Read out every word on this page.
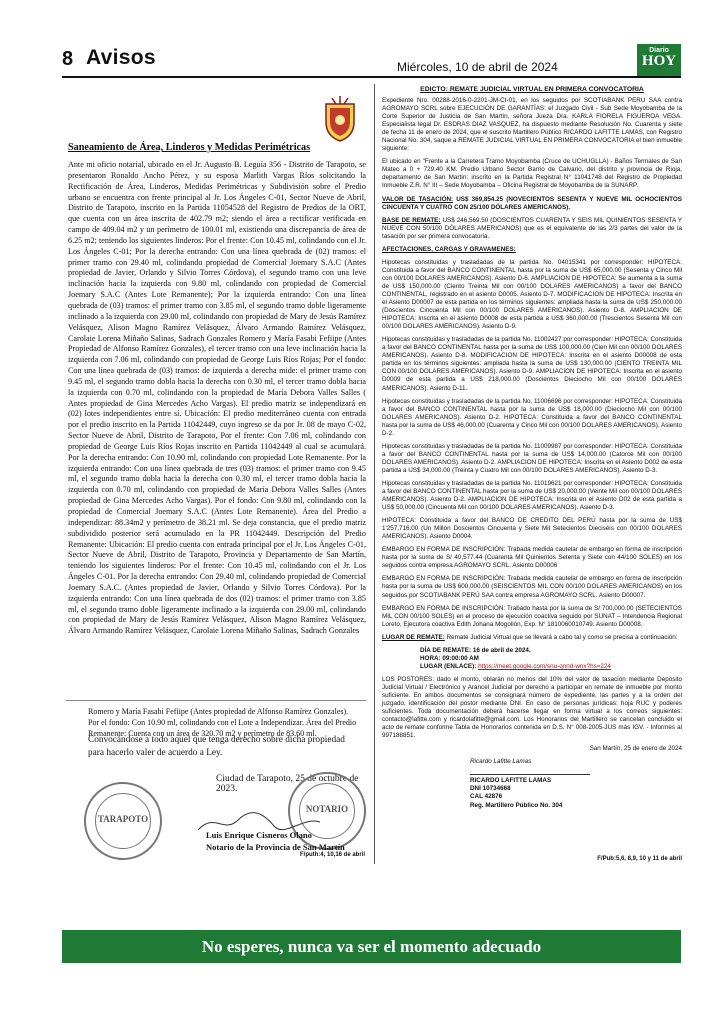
8 Avisos	Miércoles, 10 de abril de 2024
Diario
HOY
Saneamiento de Área, Linderos y Medidas Perimétricas
Ante mi oficio notarial, ubicado en el Jr. Augusto B. Leguía 356 - Distrito de Tarapoto, se presentaron Ronaldo Ancho Pérez, y su esposa Marlith Vargas Ríos solicitando la Rectificación de Área, Linderos, Medidas Perimétricas y Subdivisión sobre el Predio urbano se encuentra con frente principal al Jr. Los Ángeles C-01, Sector Nueve de Abril, Distrito de Tarapoto, inscrito en la Partida 11054528 del Registro de Predios de la ORT, que cuenta con un área inscrita de 402.79 m2; siendo el área a rectificar verificada en campo de 409.04 m2 y un perímetro de 100.01 ml, existiendo una discrepancia de área de 6.25 m2; teniendo los siguientes linderos: Por el frente: Con 10.45 ml, colindando con el Jr. Los Ángeles C-01; Por la derecha entrando: Con una línea quebrada de (02) tramos: el primer tramo con 29.40 ml, colindando propiedad de Comercial Joemary S.A.C (Antes propiedad de Javier, Orlando y Silvio Torres Córdova), el segundo tramo con una leve inclinación hacia la izquierda con 9.80 ml, colindando con propiedad de Comercial Joemary S.A.C (Antes Lote Remanente); Por la izquierda entrando: Con una línea quebrada de (03) tramos: el primer tramo con 3.85 ml, el segundo tramo doble ligeramente inclinado a la izquierda con 29.00 ml, colindando con propiedad de Mary de Jesús Ramírez Velásquez, Alison Magno Ramírez Velásquez, Álvaro Armando Ramírez Velásquez, Carolaie Lorena Miñaño Salinas, Sadrach Gonzales Romero y María Fasabi Fefiipe (Antes Propiedad de Alfonso Ramírez Gonzales), el tercer tramo con una leve inclinación hacia la izquierda con 7.06 ml, colindando con propiedad de George Luis Ríos Rojas; Por el fondo: Con una línea quebrada de (03) tramos: de izquierda a derecha mide: el primer tramo con 9.45 ml, el segundo tramo dobla hacia la derecha con 0.30 ml, el tercer tramo dobla hacia la izquierda con 0.70 ml, colindando con la propiedad de María Debora Valles Salles ( Antes propiedad de Gina Mercedes Acho Vargas). El predio matriz se independizará en (02) lotes independientes entre sí. Ubicación: El predio mediterráneo cuenta con entrada por el predio inscrito en la Partida 11042449, cuyo ingreso se da por Jr. 08 de mayo C-02, Sector Nueve de Abril, Distrito de Tarapoto, Por el frente: Con 7.06 ml, colindando con propiedad de George Luis Ríos Rojas inscrito en Partida 11042449 al cual se acumulará. Por la derecha entrando: Con 10.90 ml, colindando con propiedad Lote Remanente. Por la izquierda entrando: Con una línea quebrada de tres (03) tramos: el primer tramo con 9.45 ml, el segundo tramo dobla hacia la derecha con 0.30 ml, el tercer tramo dobla hacia la izquierda con 0.70 ml, colindando con propiedad de María Debora Valles Salles (Antes propiedad de Gina Mercedes Acho Vargas). Por el fondo: Con 9.80 ml, colindando con la propiedad de Comercial Joemary S.A.C (Antes Lote Remanente). Área del Predio a independizar: 88.34m2 y perímetro de 38.21 ml. Se deja constancia, que el predio matriz subdividido posterior será acumulado en la PR 11042449. Descripción del Predio Remanente: Ubicación: El predio cuenta con entrada principal por el Jr. Los Ángeles C-01, Sector Nueve de Abril, Distrito de Tarapoto, Provincia y Departamento de San Martín, teniendo los siguientes linderos: Por el frente: Con 10.45 ml, colindando con el Jr. Los Ángeles C-01. Por la derecha entrando: Con 29.40 ml, colindando propiedad de Comercial Joemary S.A.C. (Antes propiedad de Javier, Orlando y Silvio Torres Córdova). Por la izquierda entrando: Con una línea quebrada de dos (02) tramos: el primer tramo con 3.85 ml, el segundo tramo doble ligeramente inclinado a la izquierda con 29.00 ml, colindando con propiedad de Mary de Jesús Ramírez Velásquez, Alison Magno Ramírez Velásquez, Álvaro Armando Ramírez Velásquez, Carolaie Lorena Miñaño Salinas, Sadrach Gonzales
Romero y María Fasabi Fefiipe (Antes propiedad de Alfonso Ramírez Gonzales). Por el fondo: Con 10.90 ml, colindando con el Lote a Independizar. Área del Predio Remanente: Cuenta con un área de 320.70 m2 y perímetro de 83.60 ml.
Convocándose a todo aquel que tenga derecho sobre dicha propiedad para hacerlo valer de acuerdo a Ley.
Ciudad de Tarapoto, 25 de octubre de 2023.
TARAPOTO
NOTARIO
Luis Enrique Cisneros Olano
Notario de la Provincia de San Martín
F/puth:4, 10,16 de abril
EDICTO: REMATE JUDICIAL VIRTUAL EN PRIMERA CONVOCATORIA

Expediente Nro. 00288-2016-0-2201-JM-CI-01, en los seguidos por SCOTIABANK PERU SAA contra AGROMAYO SCRL sobre EJECUCIÓN DE GARANTÍAS: el Juzgado Civil - Sub Sede Moyobamba de la Corte Superior de Justicia de San Martín, señora Jueza Dra. KARLA FIORELA FIGUEROA VEGA. Especialista legal Dr. ESDRAS DIAZ VASQUEZ, ha dispuesto mediante Resolución No. Cuarenta y siete de fecha 11 de enero de 2024, que el suscrito Martillero Público RICARDO LAFITTE LAMAS, con Registro Nacional No. 304, saque a REMATE JUDICIAL VIRTUAL EN PRIMERA CONVOCATORIA el bien inmueble siguiente:

El ubicado en "Frente a la Carretera Tramo Moyobamba (Cruce de UCHUGLLA) - Baños Termales de San Mateo a 0 + 729.40 KM. Predio Urbano Sector Barrio de Calvario, del distrito y provincia de Rioja, departamento de San Martín: inscrito en la Partida Registral N° 11041748 del Registro de Propiedad Inmueble Z.R. N° III – Sede Moyobamba – Oficina Registral de Moyobamba de la SUNARP.

VALOR DE TASACIÓN: US$ 369,854.25 (NOVECIENTOS SESENTA Y NUEVE MIL OCHOCIENTOS CINCUENTA Y CUATRO CON 25/100 DÓLARES AMERICANOS).

BASE DE REMATE: US$ 246,569.50 (DOSCIENTOS CUARENTA Y SEIS MIL QUINIENTOS SESENTA Y NUEVE CON 50/100 DÓLARES AMERICANOS) que es el equivalente de las 2/3 partes del valor de la tasación por ser primera convocatoria.

AFECTACIONES, CARGAS Y GRAVAMENES:

Hipotecas constituidas y trasladadas de la partida No. 04015341 por corresponder: HIPOTECA: Constituida a favor del BANCO CONTINENTAL hasta por la suma de US$ 65,000.00 (Sesenta y Cinco Mil con 00/100 DOLARES AMERICANOS). Asiento D-6. AMPLIACION DE HIPOTECA: Se aumenta a la suma de US$ 150,000.00 (Ciento Treinta Mil con 00/100 DOLARES AMERICANOS) a favor del BANCO CONTINENTAL, registrado en el asiento D0005. Asiento D-7. MODIFICACION DE HIPOTECA: Inscrita en el Asiento D00007 de esta partida en los términos siguientes: ampliada hasta la suma de US$ 250,000.00 (Doscientos Cincuenta Mil con 00/100 DOLARES AMERICANOS). Asiento D-8. AMPLIACION DE HIPOTECA: Inscrita en el asiento D0008 de esta partida a US$ 360,000.00 (Trescientos Sesenta Mil con 00/100 DOLARES AMERICANOS). Asiento D-9.

Hipotecas constituidas y trasladadas de la partida No. 11002427 por corresponder: HIPOTECA: Constituida a favor del BANCO CONTINENTAL hasta por la suma de US$ 100,000.00 (Cien Mil con 00/100 DOLARES AMERICANOS). Asiento D-8. MODIFICACION DE HIPOTECA: Inscrita en el asiento D00008 de esta partida en los términos siguientes: ampliada hasta la suma de US$ 130,000.00 (CIENTO TREINTA MIL CON 00/100 DOLARES AMERICANOS). Asiento D-9. AMPLIACION DE HIPOTECA: Inscrita en el asiento D0009 de esta partida a US$ 218,000.00 (Doscientos Dieciocho Mil con 00/100 DOLARES AMERICANOS). Asiento D-11.

Hipotecas constituidas y trasladadas de la partida No. 11006696 por corresponder: HIPOTECA: Constituida a favor del BANCO CONTINENTAL hasta por la suma de US$ 18,000.00 (Dieciocho Mil con 00/100 DOLARES AMERICANOS). Asiento D-2. HIPOTECA: Constituida a favor del BANCO CONTINENTAL hasta por la suma de US$ 46,000.00 (Cuarenta y Cinco Mil con 00/100 DOLARES AMERICANOS). Asiento D-2.

Hipotecas constituidas y trasladadas de la partida No. 11009987 por corresponder: HIPOTECA: Constituida a favor del BANCO CONTINENTAL hasta por la suma de US$ 14,000.00 (Catorce Mil con 00/100 DOLARES AMERICANOS). Asiento D-2. AMPLIACION DE HIPOTECA: Inscrita en el Asiento D002 de esta partida a US$ 34,000.00 (Treinta y Cuatro Mil con 00/100 DOLARES AMERICANOS). Asiento D-3.

Hipotecas constituidas y trasladadas de la partida No. 11019621 por corresponder: HIPOTECA: Constituida a favor del BANCO CONTINENTAL hasta por la suma de US$ 20,000.00 (Veinte Mil con 00/100 DOLARES AMERICANOS). Asiento D-2. AMPLIACION DE HIPOTECA: Inscrita en el Asiento D02 de esta partida a US$ 50,000.00 (Cincuenta Mil con 00/100 DOLARES AMERICANOS). Asiento D-3.

HIPOTECA: Constituida a favor del BANCO DE CREDITO DEL PERÚ hasta por la suma de US$ 1'257,716.00 (Un Millón Doscientos Cincuenta y Siete Mil Setecientos Dieciséis con 00/100 DOLARES AMERICANOS). Asiento D0004.

EMBARGO EN FORMA DE INSCRIPCIÓN: Trabada medida cautelar de embargo en forma de inscripción hasta por la suma de S/ 40,577.44 (Cuarenta Mil Quinientos Setenta y Siete con 44/100 SOLES) en los seguidos contra empresa AGROMAYO SCRL. Asiento D00006

EMBARGO EN FORMA DE INSCRIPCIÓN: Trabada medida cautelar de embargo en forma de inscripción hasta por la suma de US$ 600,000.00 (SEISCIENTOS MIL CON 00/100 DOLARES AMERICANOS) en los seguidos por SCOTIABANK PERÚ SAA contra empresa AGROMAYO SCRL. Asiento D00007.

EMBARGO EN FORMA DE INSCRIPCIÓN: Trabado hasta por la suma de S/ 700,000.00 (SETECIENTOS MIL CON 00/100 SOLES) en el proceso de ejecución coactiva seguido por SUNAT – Intendencia Regional Loreto, Ejecutora coactiva Edith Johana Mogollón, Exp. N° 1810060010749. Asiento D00008.

LUGAR DE REMATE: Remate Judicial Virtual que se llevará a cabo tal y como se precisa a continuación:

DÍA DE REMATE: 16 de abril de 2024.
HORA: 09:00:00 AM
LUGAR (ENLACE): https://meet.google.com/snu-qnnd-wnx?hs=224

LOS POSTORES: dado el monto, oblarán no menos del 10% del valor de tasación mediante Depósito Judicial Virtual / Electrónico y Arancel Judicial por derecho a participar en remate de inmueble por monto suficiente. En ambos documentos se consignará número de expediente, las partes y a la orden del juzgado, identificación del postor mediante DNI. En caso de personas jurídicas: hoja RUC y poderes suficientes. Toda documentación deberá hacerse llegar en forma virtual a los correos siguientes: contacto@lafitte.com y ricardolafitte@gmail.com. Los Honorarios del Martillero se cancelan concluido el acto de remate conforme Tabla de Honorarios contenida en D.S. N° 008-2005-JUS más IGV. - Informes al 997188851.

San Martín, 25 de enero de 2024

Ricardo Lafitte Lamas
RICARDO LAFITTE LAMAS
DNI 10734668
CAL 42876
Reg. Martillero Público No. 304
F/Pub:5,6, 8,9, 10 y 11 de abril
No esperes, nunca va ser el momento adecuado
